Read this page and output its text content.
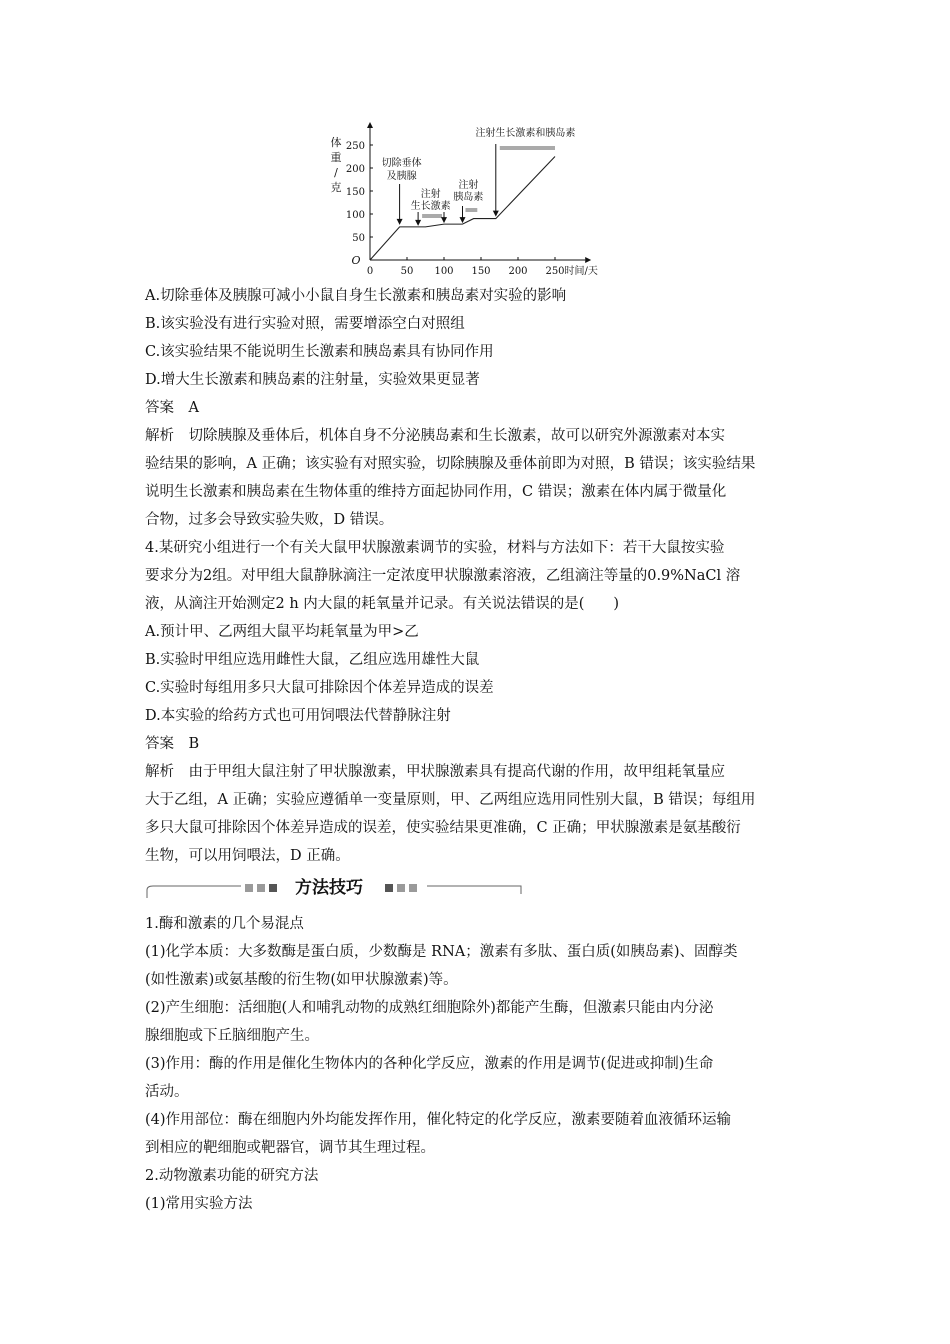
体
重
/
克
O
时间/天
0	50 100 150 200 250
50
100
150
200
250
切除垂体
及胰腺
注射
生长激素
注射
胰岛素
注射生长激素和胰岛素
A.切除垂体及胰腺可减小小鼠自身生长激素和胰岛素对实验的影响
B.该实验没有进行实验对照，需要增添空白对照组
C.该实验结果不能说明生长激素和胰岛素具有协同作用
D.增大生长激素和胰岛素的注射量，实验效果更显著
答案　A
解析　切除胰腺及垂体后，机体自身不分泌胰岛素和生长激素，故可以研究外源激素对本实
验结果的影响，A 正确；该实验有对照实验，切除胰腺及垂体前即为对照，B 错误；该实验结果
说明生长激素和胰岛素在生物体重的维持方面起协同作用，C 错误；激素在体内属于微量化
合物，过多会导致实验失败，D 错误。
4.某研究小组进行一个有关大鼠甲状腺激素调节的实验，材料与方法如下：若干大鼠按实验
要求分为2组。对甲组大鼠静脉滴注一定浓度甲状腺激素溶液，乙组滴注等量的0.9%NaCl 溶
液，从滴注开始测定2 h 内大鼠的耗氧量并记录。有关说法错误的是(　　)
A.预计甲、乙两组大鼠平均耗氧量为甲>乙
B.实验时甲组应选用雌性大鼠，乙组应选用雄性大鼠
C.实验时每组用多只大鼠可排除因个体差异造成的误差
D.本实验的给药方式也可用饲喂法代替静脉注射
答案　B
解析　由于甲组大鼠注射了甲状腺激素，甲状腺激素具有提高代谢的作用，故甲组耗氧量应
大于乙组，A 正确；实验应遵循单一变量原则，甲、乙两组应选用同性别大鼠，B 错误；每组用
多只大鼠可排除因个体差异造成的误差，使实验结果更准确，C 正确；甲状腺激素是氨基酸衍
生物，可以用饲喂法，D 正确。
方法技巧
1.酶和激素的几个易混点
(1)化学本质：大多数酶是蛋白质，少数酶是 RNA；激素有多肽、蛋白质(如胰岛素)、固醇类
(如性激素)或氨基酸的衍生物(如甲状腺激素)等。
(2)产生细胞：活细胞(人和哺乳动物的成熟红细胞除外)都能产生酶，但激素只能由内分泌
腺细胞或下丘脑细胞产生。
(3)作用：酶的作用是催化生物体内的各种化学反应，激素的作用是调节(促进或抑制)生命
活动。
(4)作用部位：酶在细胞内外均能发挥作用，催化特定的化学反应，激素要随着血液循环运输
到相应的靶细胞或靶器官，调节其生理过程。
2.动物激素功能的研究方法
(1)常用实验方法
